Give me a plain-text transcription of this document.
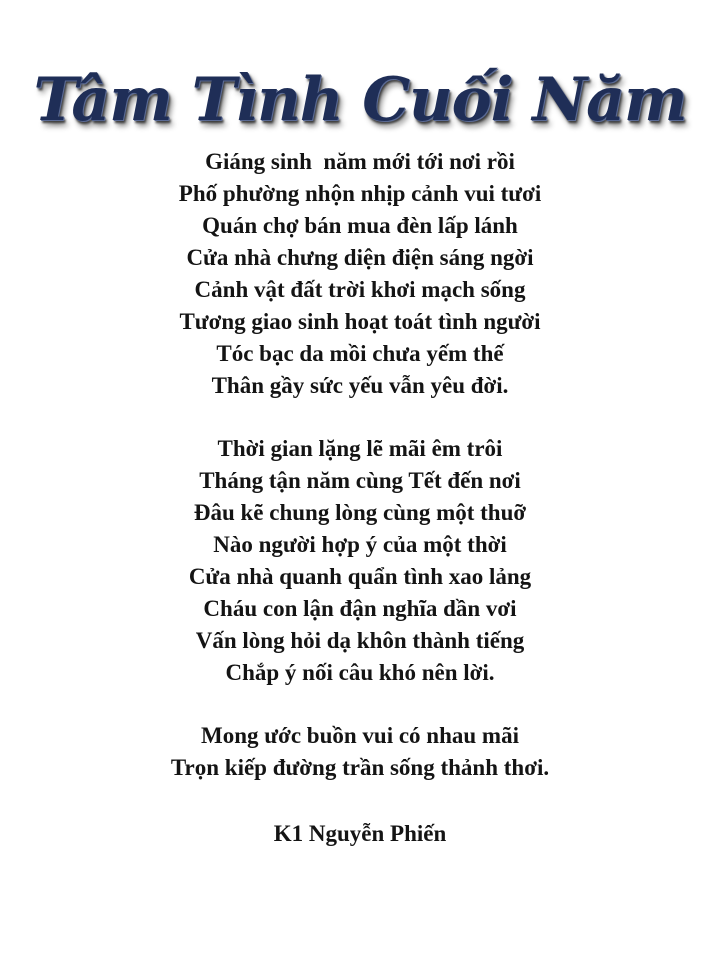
Tâm Tình Cuối Năm
Giáng sinh  năm mới tới nơi rồi
Phố phường nhộn nhịp cảnh vui tươi
Quán chợ bán mua đèn lấp lánh
Cửa nhà chưng diện điện sáng ngời
Cảnh vật đất trời khơi mạch sống
Tương giao sinh hoạt toát tình người
Tóc bạc da mồi chưa yếm thế
Thân gầy sức yếu vẫn yêu đời.
Thời gian lặng lẽ mãi êm trôi
Tháng tận năm cùng Tết đến nơi
Đâu kẽ chung lòng cùng một thuỡ
Nào người hợp ý của một thời
Cửa nhà quanh quẩn tình xao lảng
Cháu con lận đận nghĩa dần vơi
Vấn lòng hỏi dạ khôn thành tiếng
Chắp ý nối câu khó nên lời.
Mong ước buồn vui có nhau mãi
Trọn kiếp đường trần sống thảnh thơi.
K1 Nguyễn Phiến
